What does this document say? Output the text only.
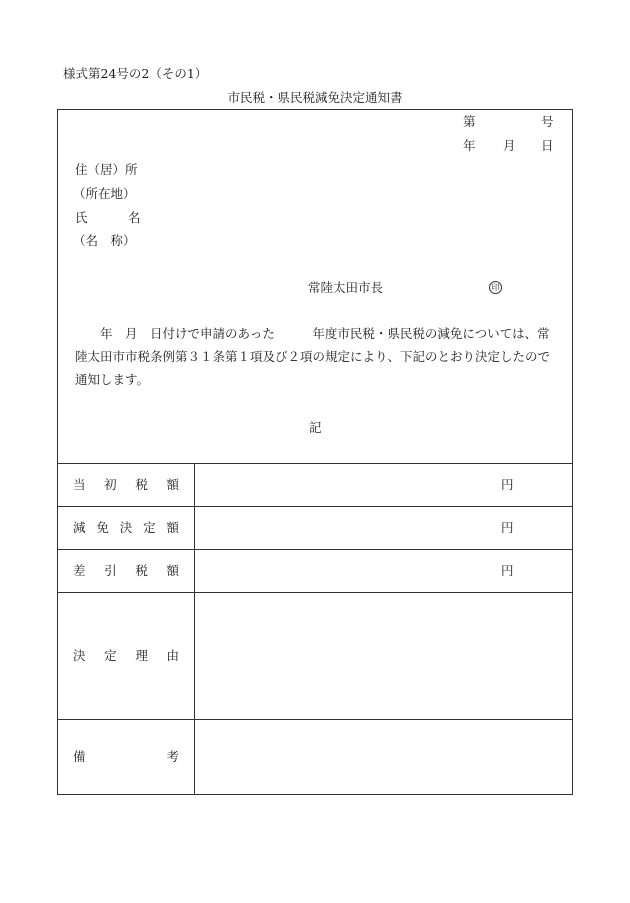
様式第24号の2（その1）
市民税・県民税減免決定通知書
第	号
年 月 日
住（居）所
（所在地）
氏	名
（名　称）
常陸太田市長	印
年　月　日付けで申請のあった　　　年度市民税・県民税の減免については、常陸太田市市税条例第３１条第１項及び２項の規定により、下記のとおり決定したので通知します。
記
当 初 税 額	円
減 免 決 定 額	円
差 引 税 額	円
決 定 理 由
備	考
